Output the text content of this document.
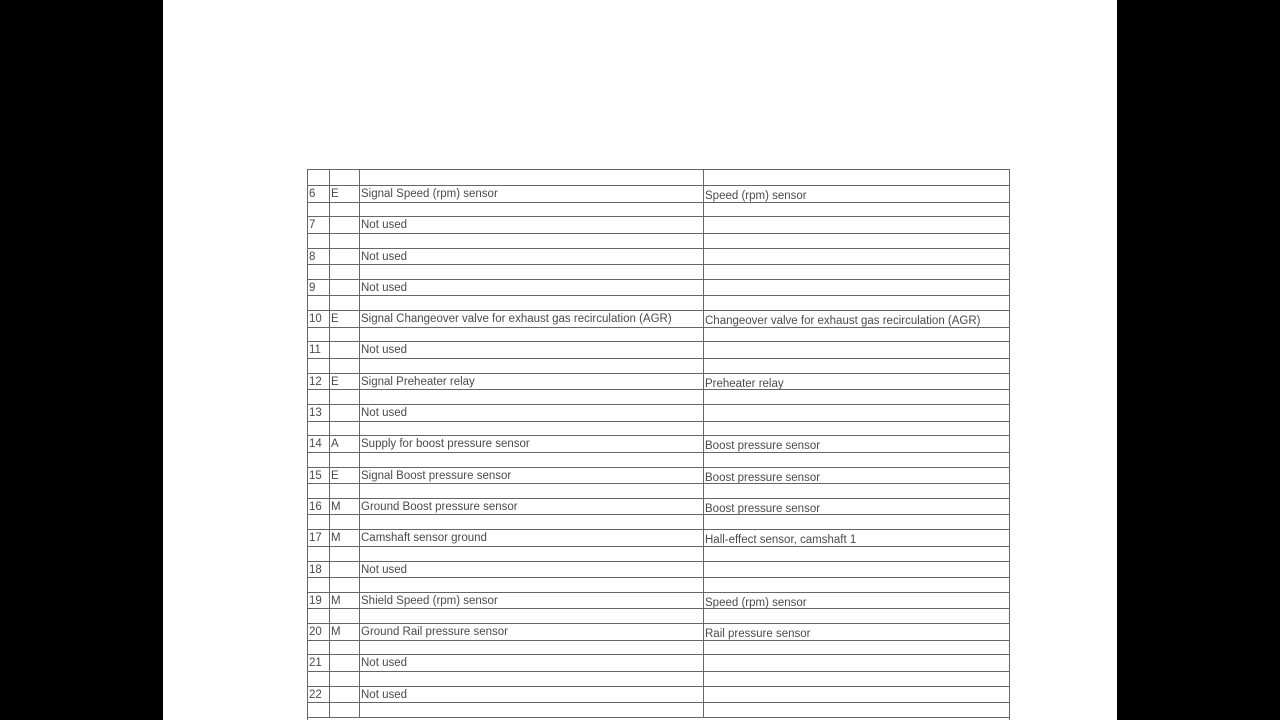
6 E Signal Speed (rpm) sensor	Speed (rpm) sensor
7	Not used
8	Not used
9	Not used
10 E Signal Changeover valve for exhaust gas recirculation (AGR)	Changeover valve for exhaust gas recirculation (AGR)
11	Not used
12 E Signal Preheater relay	Preheater relay
13	Not used
14 A Supply for boost pressure sensor	Boost pressure sensor
15 E Signal Boost pressure sensor	Boost pressure sensor
16 M Ground Boost pressure sensor	Boost pressure sensor
17 M Camshaft sensor ground	Hall-effect sensor, camshaft 1
18	Not used
19 M Shield Speed (rpm) sensor	Speed (rpm) sensor
20 M Ground Rail pressure sensor	Rail pressure sensor
21	Not used
22	Not used
